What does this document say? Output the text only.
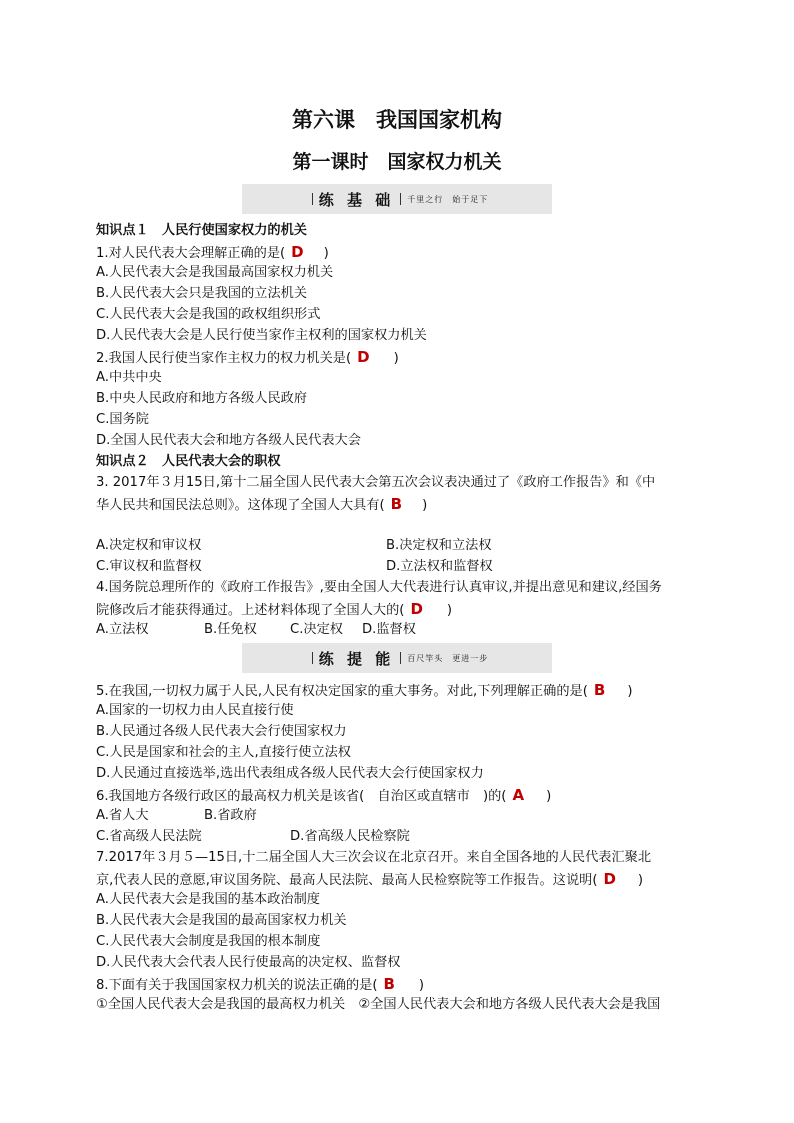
第六课　我国国家机构
第一课时　国家权力机关
练 基 础 千里之行　始于足下
知识点１　人民行使国家权力的机关
1.对人民代表大会理解正确的是( D )
A.人民代表大会是我国最高国家权力机关
B.人民代表大会只是我国的立法机关
C.人民代表大会是我国的政权组织形式
D.人民代表大会是人民行使当家作主权利的国家权力机关
2.我国人民行使当家作主权力的权力机关是( D )
A.中共中央
B.中央人民政府和地方各级人民政府
C.国务院
D.全国人民代表大会和地方各级人民代表大会
知识点２　人民代表大会的职权
3. 2017年３月15日,第十二届全国人民代表大会第五次会议表决通过了《政府工作报告》和《中
华人民共和国民法总则》。这体现了全国人大具有( B )
A.决定权和审议权	B.决定权和立法权
C.审议权和监督权	D.立法权和监督权
4.国务院总理所作的《政府工作报告》,要由全国人大代表进行认真审议,并提出意见和建议,经国务
院修改后才能获得通过。上述材料体现了全国人大的( D )
A.立法权	B.任免权	C.决定权 D.监督权
练 提 能 百尺竿头　更进一步
5.在我国,一切权力属于人民,人民有权决定国家的重大事务。对此,下列理解正确的是( B )
A.国家的一切权力由人民直接行使
B.人民通过各级人民代表大会行使国家权力
C.人民是国家和社会的主人,直接行使立法权
D.人民通过直接选举,选出代表组成各级人民代表大会行使国家权力
6.我国地方各级行政区的最高权力机关是该省(　自治区或直辖市　)的( A )
A.省人大	B.省政府
C.省高级人民法院	D.省高级人民检察院
7.2017年３月５—15日,十二届全国人大三次会议在北京召开。来自全国各地的人民代表汇聚北
京,代表人民的意愿,审议国务院、最高人民法院、最高人民检察院等工作报告。这说明( D )
A.人民代表大会是我国的基本政治制度
B.人民代表大会是我国的最高国家权力机关
C.人民代表大会制度是我国的根本制度
D.人民代表大会代表人民行使最高的决定权、监督权
8.下面有关于我国国家权力机关的说法正确的是( B )
①全国人民代表大会是我国的最高权力机关　②全国人民代表大会和地方各级人民代表大会是我国
